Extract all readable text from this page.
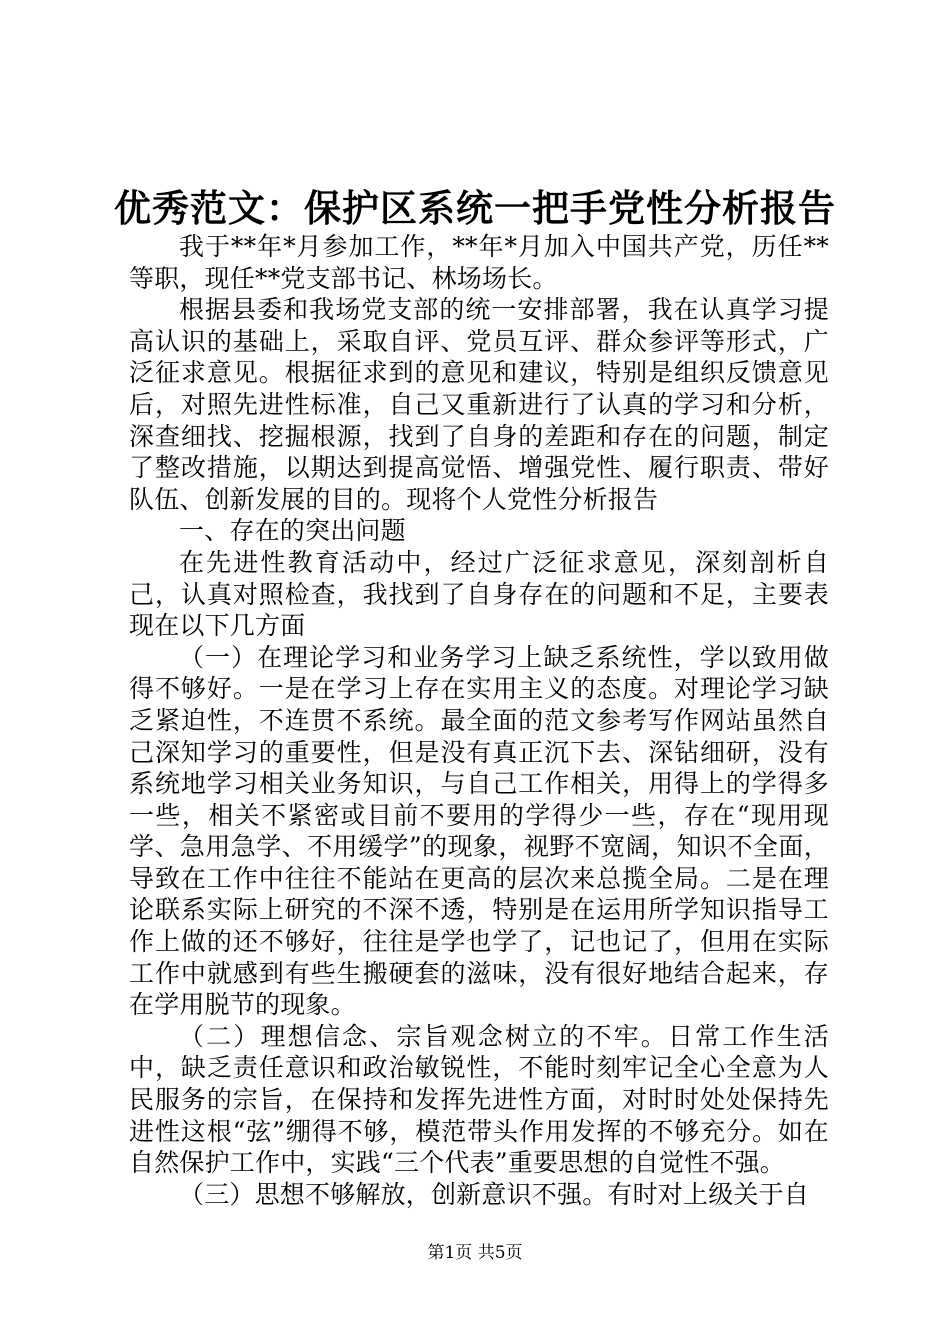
优秀范文：保护区系统一把手党性分析报告

我于**年*月参加工作，**年*月加入中国共产党，历任**等职，现任**党支部书记、林场场长。

根据县委和我场党支部的统一安排部署，我在认真学习提高认识的基础上，采取自评、党员互评、群众参评等形式，广泛征求意见。根据征求到的意见和建议，特别是组织反馈意见后，对照先进性标准，自己又重新进行了认真的学习和分析，深查细找、挖掘根源，找到了自身的差距和存在的问题，制定了整改措施，以期达到提高觉悟、增强党性、履行职责、带好队伍、创新发展的目的。现将个人党性分析报告

一、存在的突出问题

在先进性教育活动中，经过广泛征求意见，深刻剖析自己，认真对照检查，我找到了自身存在的问题和不足，主要表现在以下几方面

（一）在理论学习和业务学习上缺乏系统性，学以致用做得不够好。一是在学习上存在实用主义的态度。对理论学习缺乏紧迫性，不连贯不系统。最全面的范文参考写作网站虽然自己深知学习的重要性，但是没有真正沉下去、深钻细研，没有系统地学习相关业务知识，与自己工作相关，用得上的学得多一些，相关不紧密或目前不要用的学得少一些，存在“现用现学、急用急学、不用缓学”的现象，视野不宽阔，知识不全面，导致在工作中往往不能站在更高的层次来总揽全局。二是在理论联系实际上研究的不深不透，特别是在运用所学知识指导工作上做的还不够好，往往是学也学了，记也记了，但用在实际工作中就感到有些生搬硬套的滋味，没有很好地结合起来，存在学用脱节的现象。

（二）理想信念、宗旨观念树立的不牢。日常工作生活中，缺乏责任意识和政治敏锐性，不能时刻牢记全心全意为人民服务的宗旨，在保持和发挥先进性方面，对时时处处保持先进性这根“弦”绷得不够，模范带头作用发挥的不够充分。如在自然保护工作中，实践“三个代表”重要思想的自觉性不强。

（三）思想不够解放，创新意识不强。有时对上级关于自

第1页 共5页
